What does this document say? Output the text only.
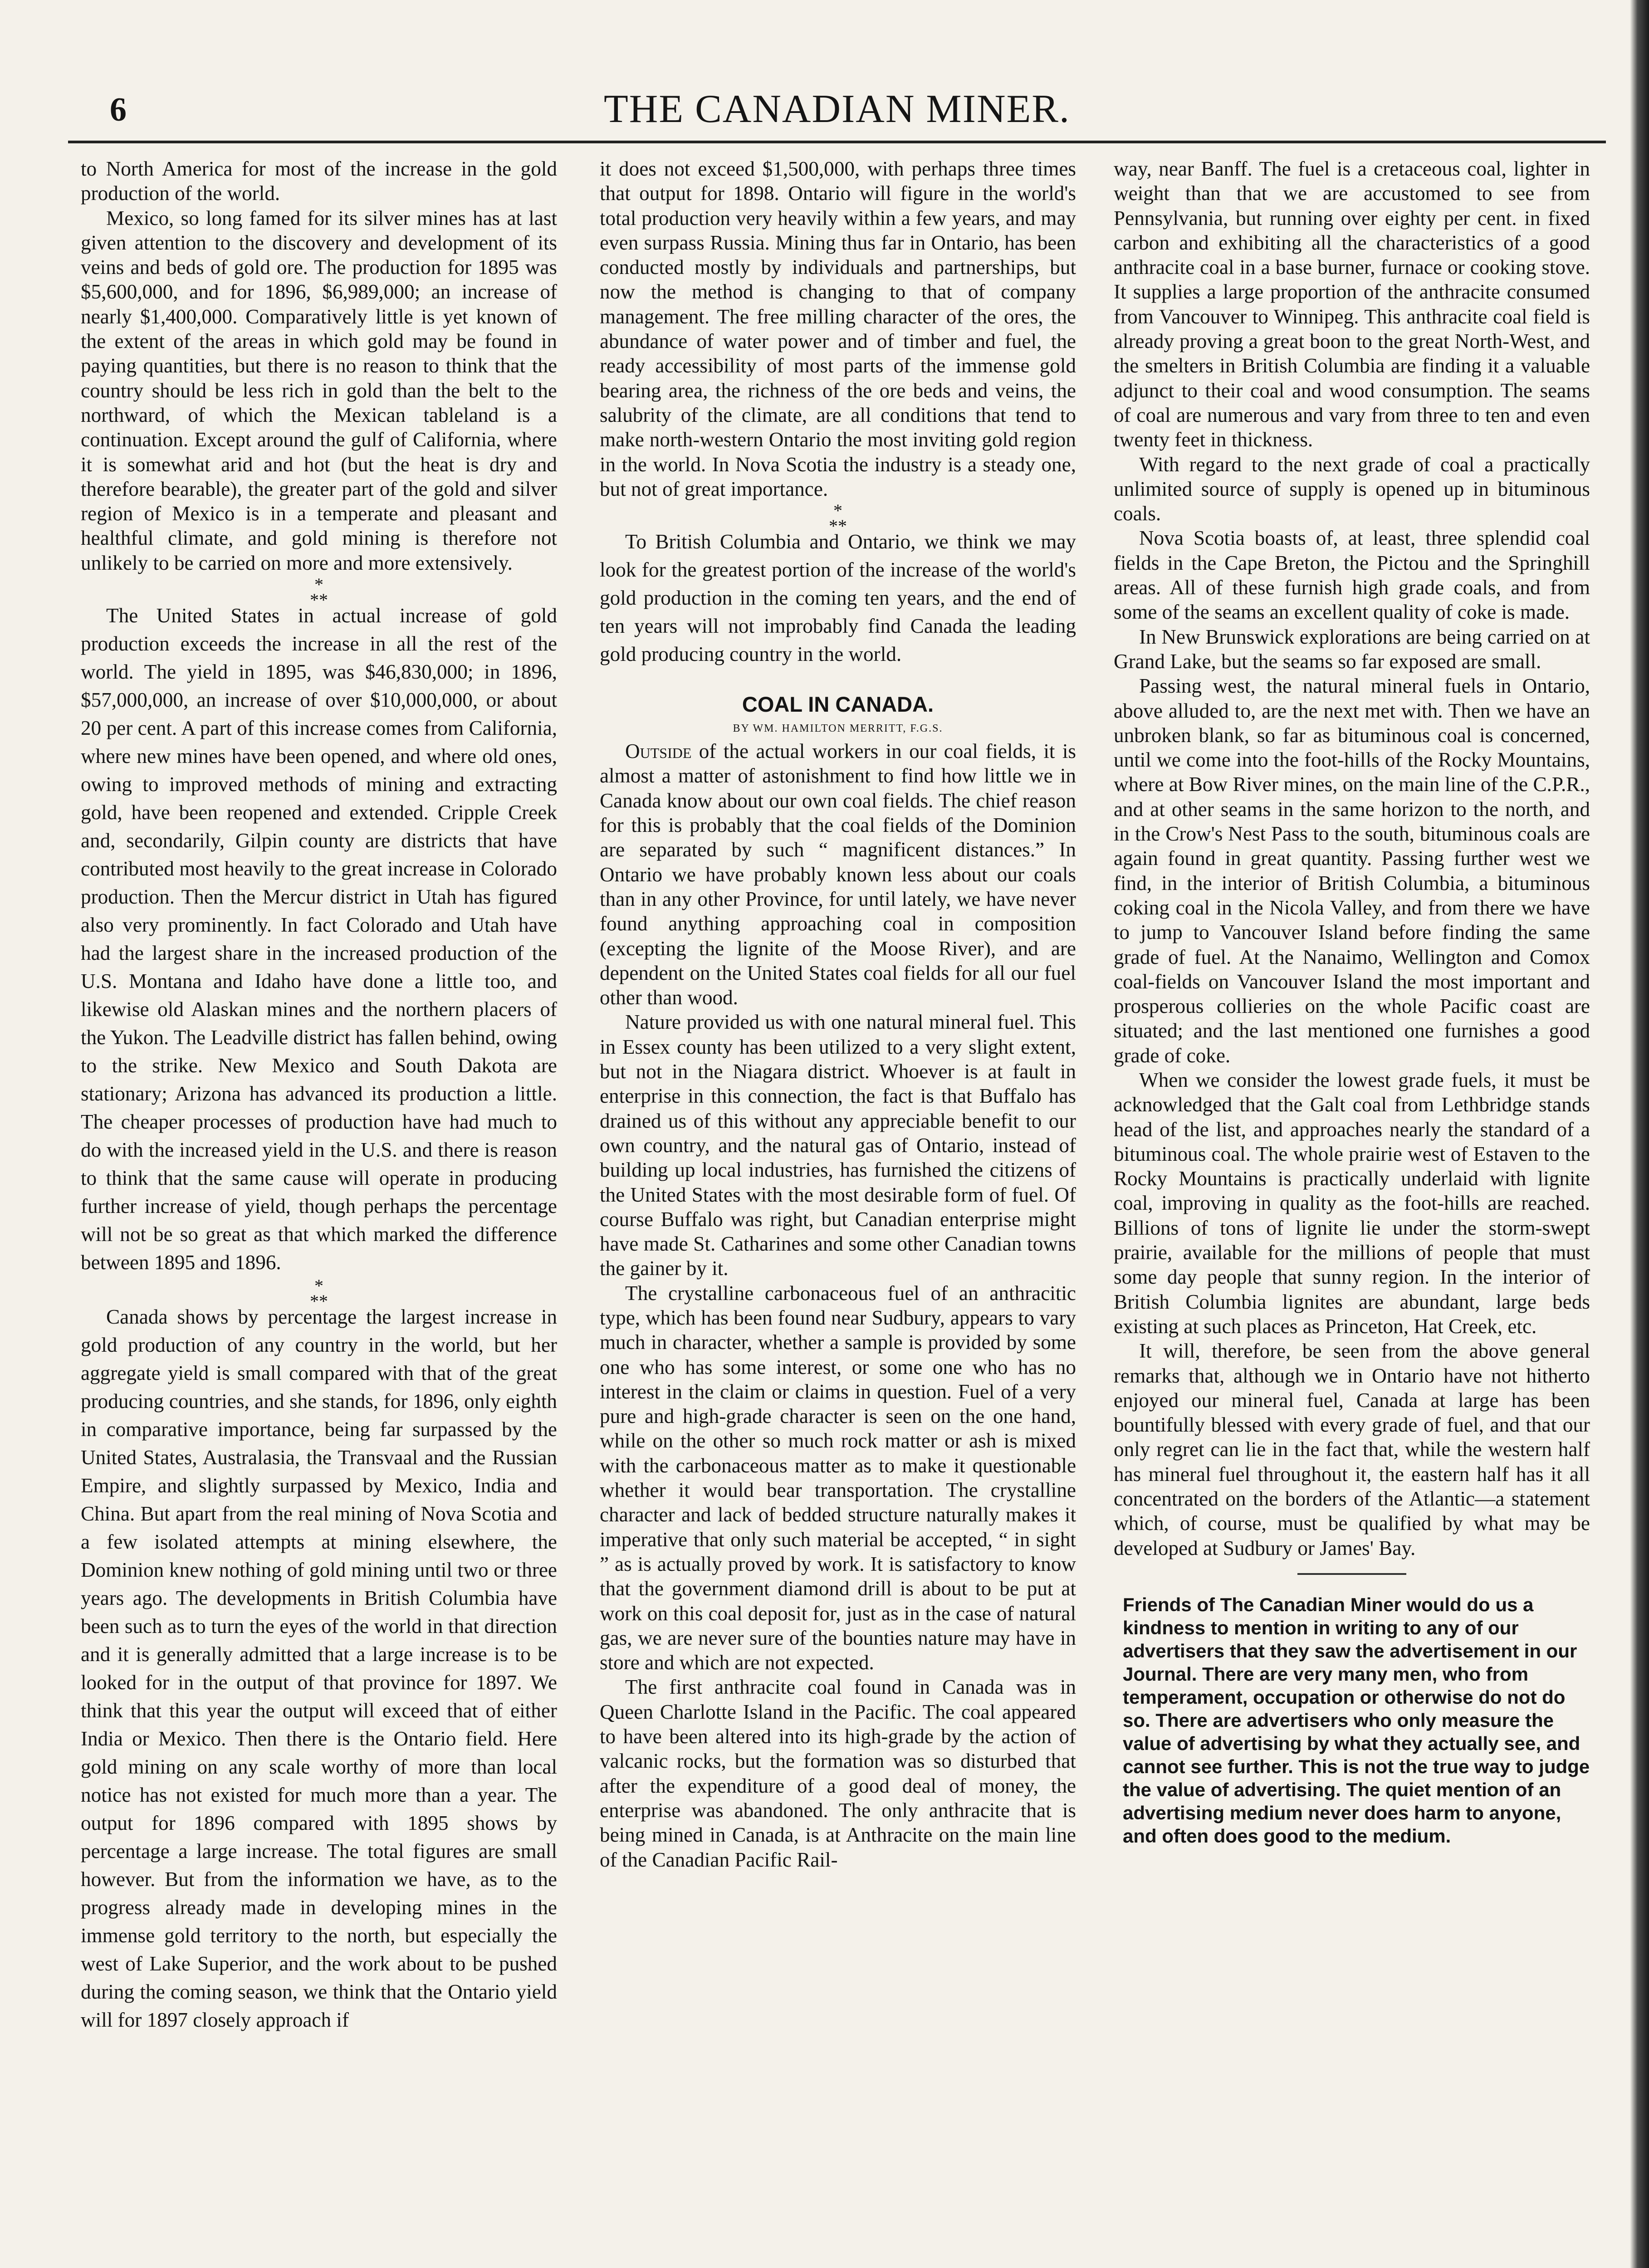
6	THE CANADIAN MINER.

to North America for most of the increase in the gold production of the world.

Mexico, so long famed for its silver mines has at last given attention to the discovery and development of its veins and beds of gold ore. The production for 1895 was $5,600,000, and for 1896, $6,989,000; an increase of nearly $1,400,000. Comparatively little is yet known of the extent of the areas in which gold may be found in paying quantities, but there is no reason to think that the country should be less rich in gold than the belt to the northward, of which the Mexican tableland is a continuation. Except around the gulf of California, where it is somewhat arid and hot (but the heat is dry and therefore bearable), the greater part of the gold and silver region of Mexico is in a temperate and pleasant and healthful climate, and gold mining is therefore not unlikely to be carried on more and more extensively.

*
**

The United States in actual increase of gold production exceeds the increase in all the rest of the world. The yield in 1895, was $46,830,000; in 1896, $57,000,000, an increase of over $10,000,000, or about 20 per cent. A part of this increase comes from California, where new mines have been opened, and where old ones, owing to improved methods of mining and extracting gold, have been reopened and extended. Cripple Creek and, secondarily, Gilpin county are districts that have contributed most heavily to the great increase in Colorado production. Then the Mercur district in Utah has figured also very prominently. In fact Colorado and Utah have had the largest share in the increased production of the U.S. Montana and Idaho have done a little too, and likewise old Alaskan mines and the northern placers of the Yukon. The Leadville district has fallen behind, owing to the strike. New Mexico and South Dakota are stationary; Arizona has advanced its production a little. The cheaper processes of production have had much to do with the increased yield in the U.S. and there is reason to think that the same cause will operate in producing further increase of yield, though perhaps the percentage will not be so great as that which marked the difference between 1895 and 1896.

*
**

Canada shows by percentage the largest increase in gold production of any country in the world, but her aggregate yield is small compared with that of the great producing countries, and she stands, for 1896, only eighth in comparative importance, being far surpassed by the United States, Australasia, the Transvaal and the Russian Empire, and slightly surpassed by Mexico, India and China. But apart from the real mining of Nova Scotia and a few isolated attempts at mining elsewhere, the Dominion knew nothing of gold mining until two or three years ago. The developments in British Columbia have been such as to turn the eyes of the world in that direction and it is generally admitted that a large increase is to be looked for in the output of that province for 1897. We think that this year the output will exceed that of either India or Mexico. Then there is the Ontario field. Here gold mining on any scale worthy of more than local notice has not existed for much more than a year. The output for 1896 compared with 1895 shows by percentage a large increase. The total figures are small however. But from the information we have, as to the progress already made in developing mines in the immense gold territory to the north, but especially the west of Lake Superior, and the work about to be pushed during the coming season, we think that the Ontario yield will for 1897 closely approach if

it does not exceed $1,500,000, with perhaps three times that output for 1898. Ontario will figure in the world's total production very heavily within a few years, and may even surpass Russia. Mining thus far in Ontario, has been conducted mostly by individuals and partnerships, but now the method is changing to that of company management. The free milling character of the ores, the abundance of water power and of timber and fuel, the ready accessibility of most parts of the immense gold bearing area, the richness of the ore beds and veins, the salubrity of the climate, are all conditions that tend to make north-western Ontario the most inviting gold region in the world. In Nova Scotia the industry is a steady one, but not of great importance.

*
**

To British Columbia and Ontario, we think we may look for the greatest portion of the increase of the world's gold production in the coming ten years, and the end of ten years will not improbably find Canada the leading gold producing country in the world.

COAL IN CANADA.
BY WM. HAMILTON MERRITT, F.G.S.

Outside of the actual workers in our coal fields, it is almost a matter of astonishment to find how little we in Canada know about our own coal fields. The chief reason for this is probably that the coal fields of the Dominion are separated by such “ magnificent distances.” In Ontario we have probably known less about our coals than in any other Province, for until lately, we have never found anything approaching coal in composition (excepting the lignite of the Moose River), and are dependent on the United States coal fields for all our fuel other than wood.

Nature provided us with one natural mineral fuel. This in Essex county has been utilized to a very slight extent, but not in the Niagara district. Whoever is at fault in enterprise in this connection, the fact is that Buffalo has drained us of this without any appreciable benefit to our own country, and the natural gas of Ontario, instead of building up local industries, has furnished the citizens of the United States with the most desirable form of fuel. Of course Buffalo was right, but Canadian enterprise might have made St. Catharines and some other Canadian towns the gainer by it.

The crystalline carbonaceous fuel of an anthracitic type, which has been found near Sudbury, appears to vary much in character, whether a sample is provided by some one who has some interest, or some one who has no interest in the claim or claims in question. Fuel of a very pure and high-grade character is seen on the one hand, while on the other so much rock matter or ash is mixed with the carbonaceous matter as to make it questionable whether it would bear transportation. The crystalline character and lack of bedded structure naturally makes it imperative that only such material be accepted, “ in sight ” as is actually proved by work. It is satisfactory to know that the government diamond drill is about to be put at work on this coal deposit for, just as in the case of natural gas, we are never sure of the bounties nature may have in store and which are not expected.

The first anthracite coal found in Canada was in Queen Charlotte Island in the Pacific. The coal appeared to have been altered into its high-grade by the action of valcanic rocks, but the formation was so disturbed that after the expenditure of a good deal of money, the enterprise was abandoned. The only anthracite that is being mined in Canada, is at Anthracite on the main line of the Canadian Pacific Rail-

way, near Banff. The fuel is a cretaceous coal, lighter in weight than that we are accustomed to see from Pennsylvania, but running over eighty per cent. in fixed carbon and exhibiting all the characteristics of a good anthracite coal in a base burner, furnace or cooking stove. It supplies a large proportion of the anthracite consumed from Vancouver to Winnipeg. This anthracite coal field is already proving a great boon to the great North-West, and the smelters in British Columbia are finding it a valuable adjunct to their coal and wood consumption. The seams of coal are numerous and vary from three to ten and even twenty feet in thickness.

With regard to the next grade of coal a practically unlimited source of supply is opened up in bituminous coals.

Nova Scotia boasts of, at least, three splendid coal fields in the Cape Breton, the Pictou and the Springhill areas. All of these furnish high grade coals, and from some of the seams an excellent quality of coke is made.

In New Brunswick explorations are being carried on at Grand Lake, but the seams so far exposed are small.

Passing west, the natural mineral fuels in Ontario, above alluded to, are the next met with. Then we have an unbroken blank, so far as bituminous coal is concerned, until we come into the foot-hills of the Rocky Mountains, where at Bow River mines, on the main line of the C.P.R., and at other seams in the same horizon to the north, and in the Crow's Nest Pass to the south, bituminous coals are again found in great quantity. Passing further west we find, in the interior of British Columbia, a bituminous coking coal in the Nicola Valley, and from there we have to jump to Vancouver Island before finding the same grade of fuel. At the Nanaimo, Wellington and Comox coal-fields on Vancouver Island the most important and prosperous collieries on the whole Pacific coast are situated; and the last mentioned one furnishes a good grade of coke.

When we consider the lowest grade fuels, it must be acknowledged that the Galt coal from Lethbridge stands head of the list, and approaches nearly the standard of a bituminous coal. The whole prairie west of Estaven to the Rocky Mountains is practically underlaid with lignite coal, improving in quality as the foot-hills are reached. Billions of tons of lignite lie under the storm-swept prairie, available for the millions of people that must some day people that sunny region. In the interior of British Columbia lignites are abundant, large beds existing at such places as Princeton, Hat Creek, etc.

It will, therefore, be seen from the above general remarks that, although we in Ontario have not hitherto enjoyed our mineral fuel, Canada at large has been bountifully blessed with every grade of fuel, and that our only regret can lie in the fact that, while the western half has mineral fuel throughout it, the eastern half has it all concentrated on the borders of the Atlantic—a statement which, of course, must be qualified by what may be developed at Sudbury or James' Bay.

Friends of The Canadian Miner would do us a kindness to mention in writing to any of our advertisers that they saw the advertisement in our Journal. There are very many men, who from temperament, occupation or otherwise do not do so. There are advertisers who only measure the value of advertising by what they actually see, and cannot see further. This is not the true way to judge the value of advertising. The quiet mention of an advertising medium never does harm to anyone, and often does good to the medium.
